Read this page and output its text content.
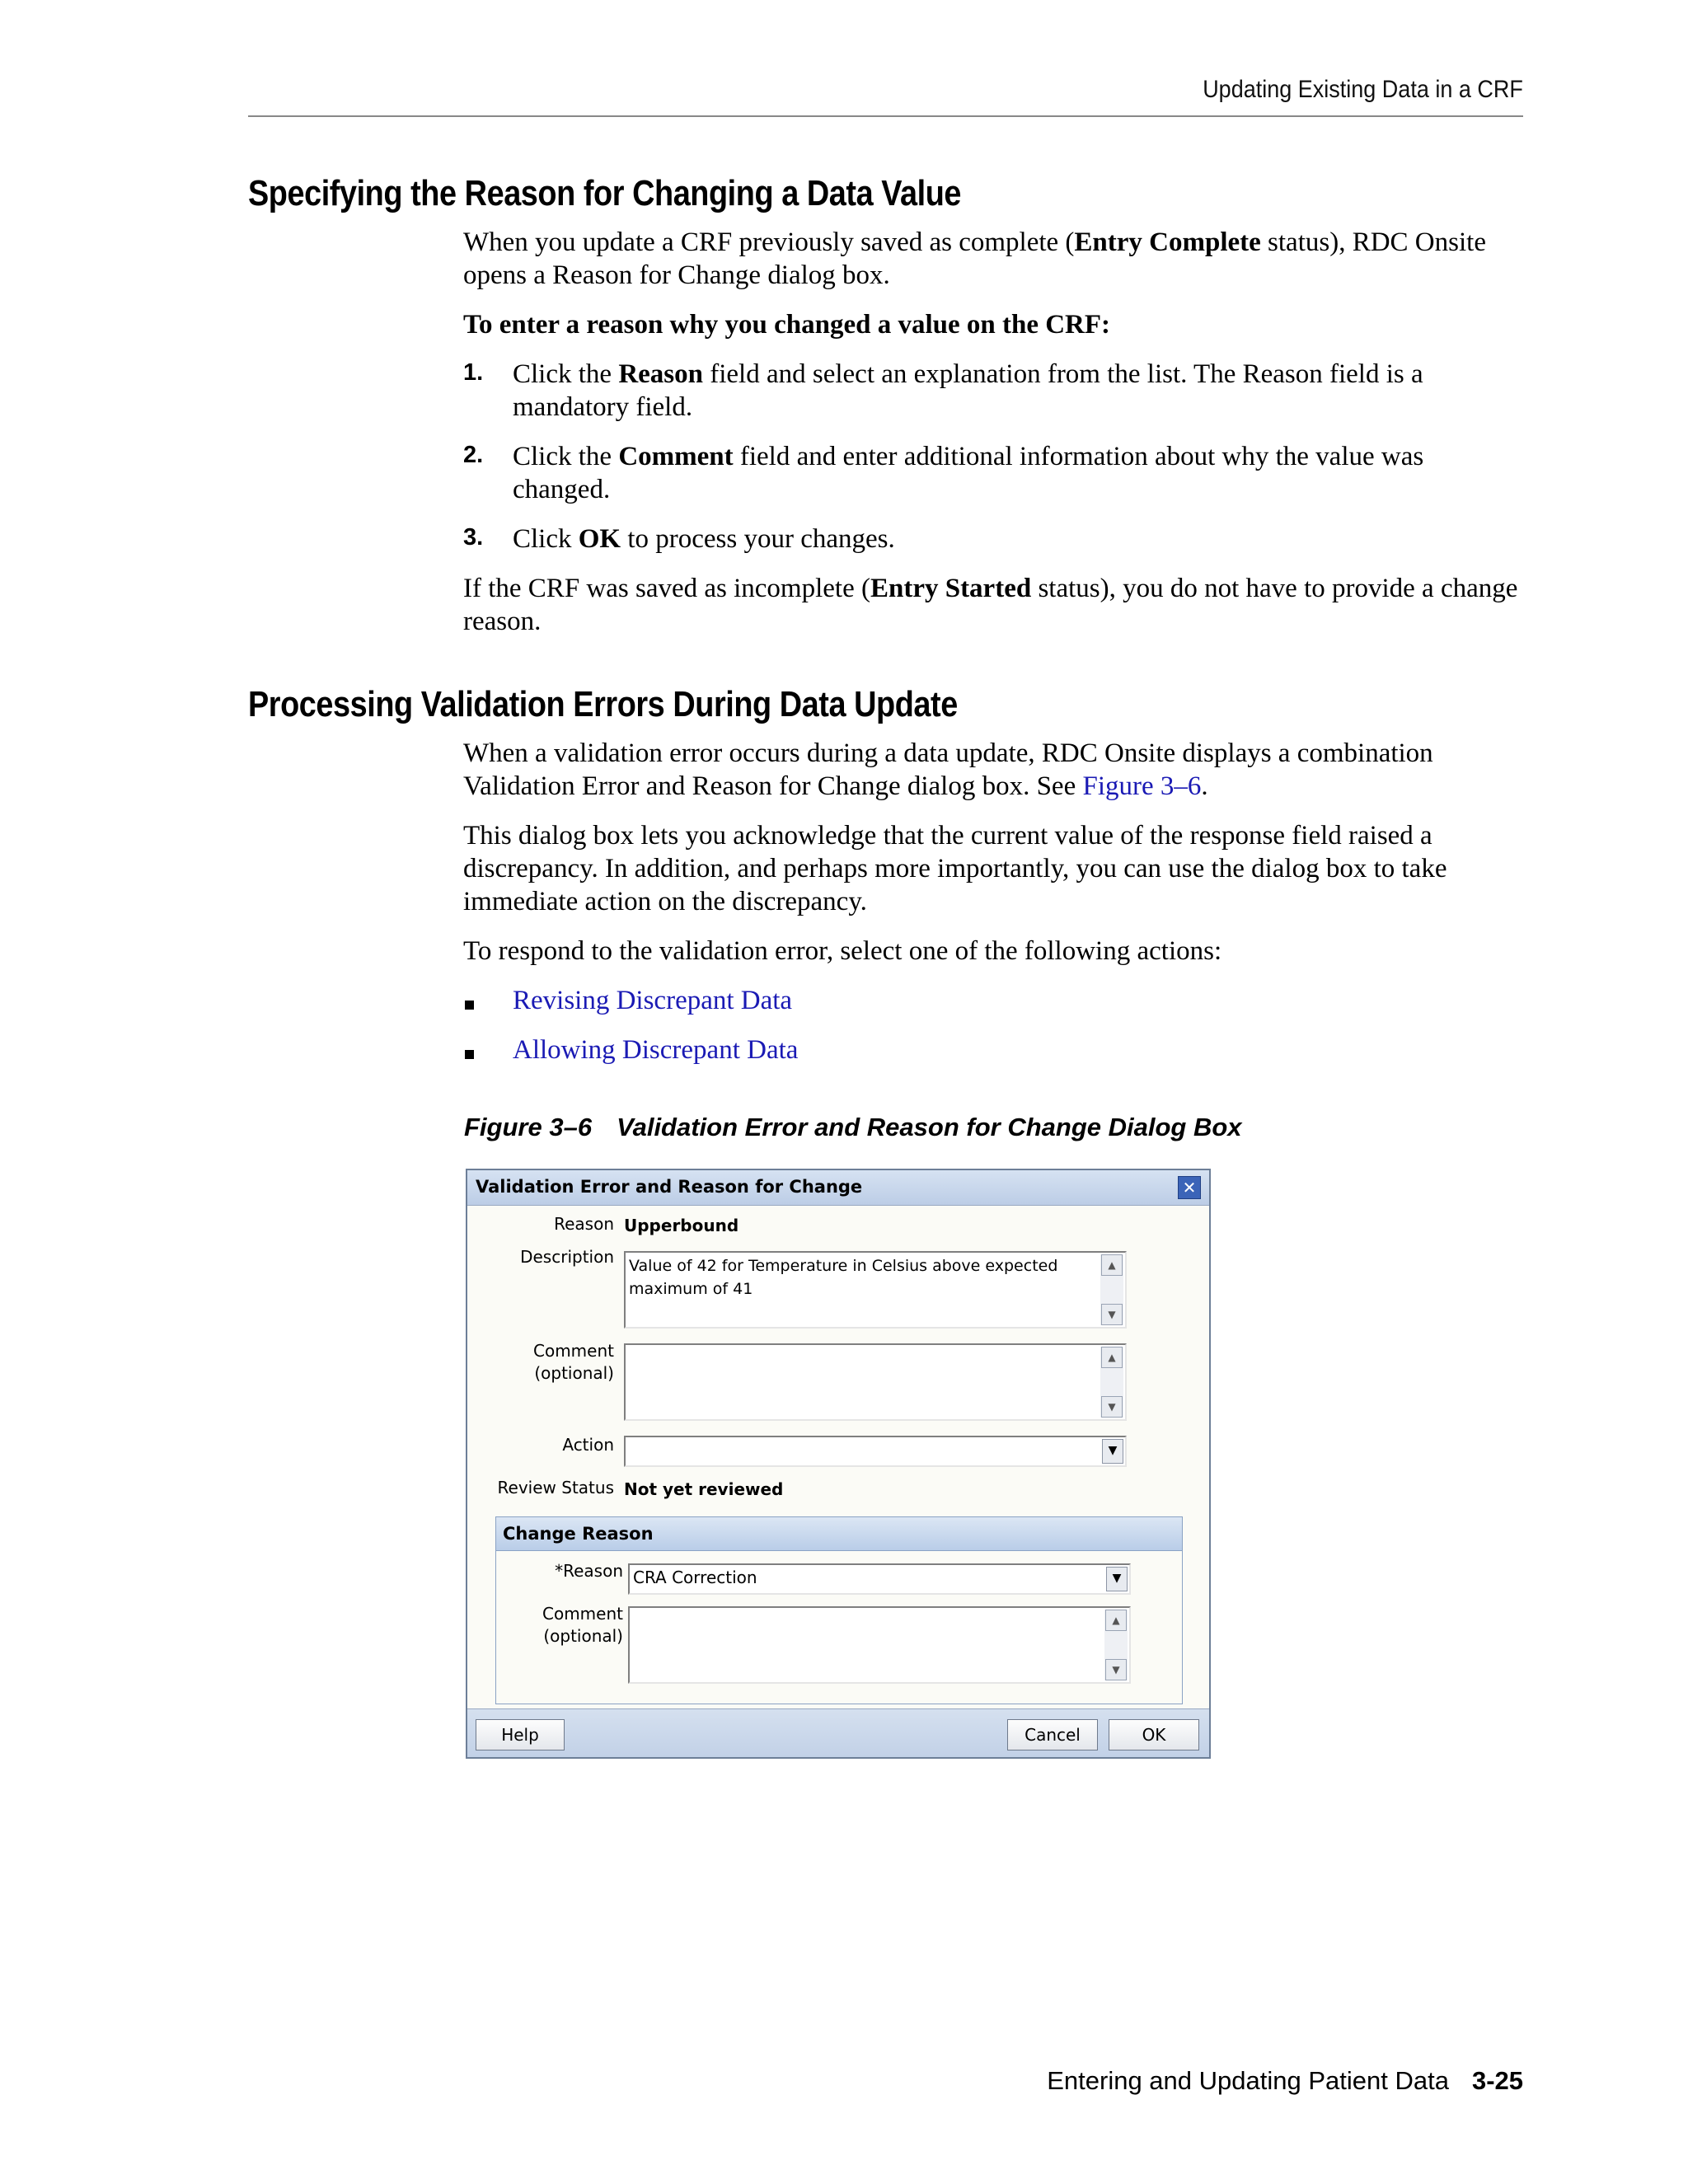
Updating Existing Data in a CRF
Specifying the Reason for Changing a Data Value
When you update a CRF previously saved as complete (Entry Complete status), RDC Onsite opens a Reason for Change dialog box.
To enter a reason why you changed a value on the CRF:
1. Click the Reason field and select an explanation from the list. The Reason field is a mandatory field.
2. Click the Comment field and enter additional information about why the value was changed.
3. Click OK to process your changes.
If the CRF was saved as incomplete (Entry Started status), you do not have to provide a change reason.
Processing Validation Errors During Data Update
When a validation error occurs during a data update, RDC Onsite displays a combination Validation Error and Reason for Change dialog box. See Figure 3–6.
This dialog box lets you acknowledge that the current value of the response field raised a discrepancy. In addition, and perhaps more importantly, you can use the dialog box to take immediate action on the discrepancy.
To respond to the validation error, select one of the following actions:
Revising Discrepant Data
Allowing Discrepant Data
Figure 3–6 Validation Error and Reason for Change Dialog Box
Validation Error and Reason for Change	✕
Reason Upperbound
Description Value of 42 for Temperature in Celsius above expected maximum of 41
▲
▼
Comment
(optional)
▲
▼
Action	▼
Review Status Not yet reviewed
Change Reason
*Reason CRA Correction	▼
Comment
(optional)
▲
▼
Help	Cancel	OK
Entering and Updating Patient Data 3-25
